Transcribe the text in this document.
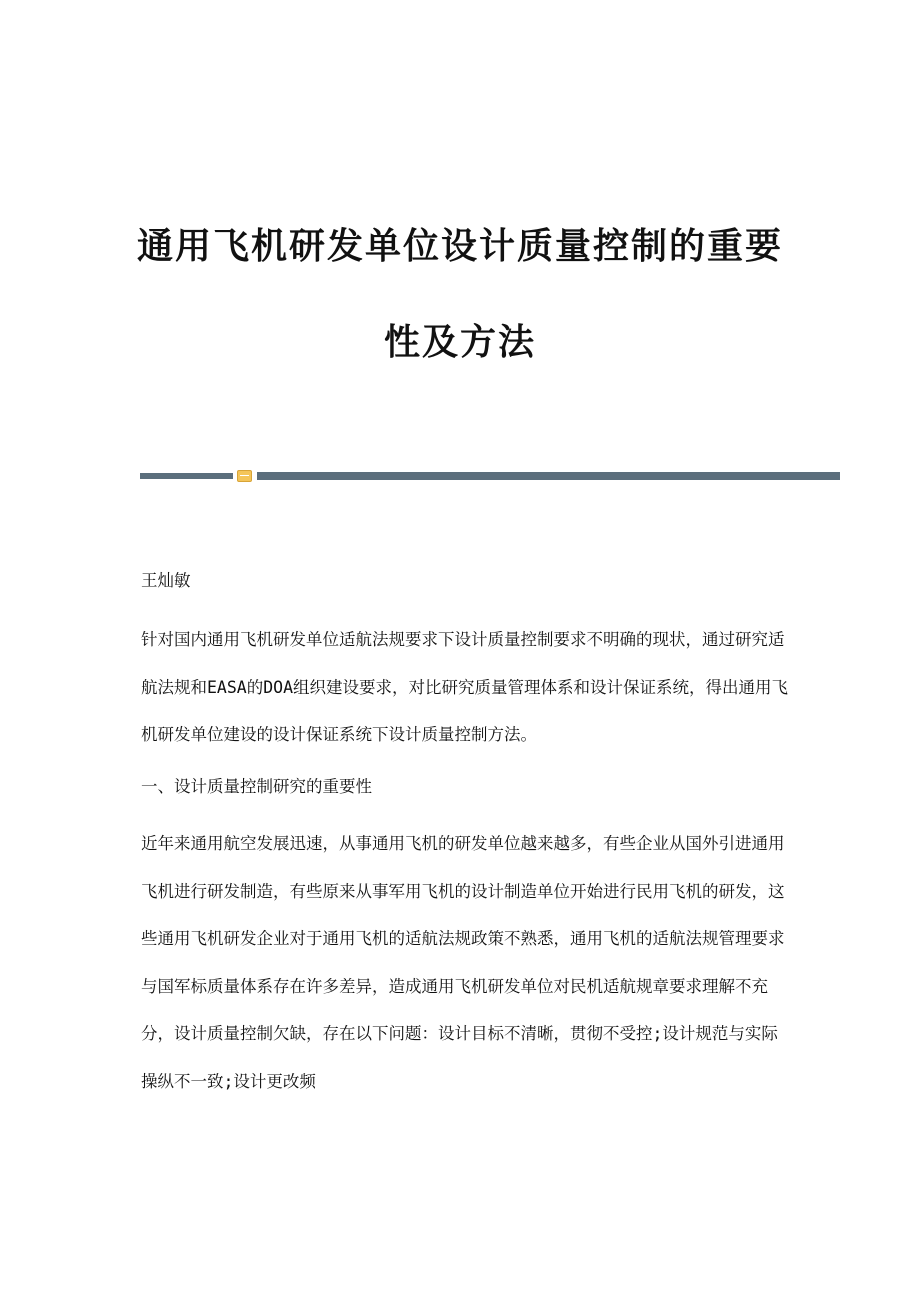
通用飞机研发单位设计质量控制的重要
性及方法

王灿敏

针对国内通用飞机研发单位适航法规要求下设计质量控制要求不明确的现状，通过研究适航法规和EASA的DOA组织建设要求，对比研究质量管理体系和设计保证系统，得出通用飞机研发单位建设的设计保证系统下设计质量控制方法。

一、设计质量控制研究的重要性

近年来通用航空发展迅速，从事通用飞机的研发单位越来越多，有些企业从国外引进通用飞机进行研发制造，有些原来从事军用飞机的设计制造单位开始进行民用飞机的研发，这些通用飞机研发企业对于通用飞机的适航法规政策不熟悉，通用飞机的适航法规管理要求与国军标质量体系存在许多差异，造成通用飞机研发单位对民机适航规章要求理解不充分，设计质量控制欠缺，存在以下问题：设计目标不清晰，贯彻不受控;设计规范与实际操纵不一致;设计更改频
